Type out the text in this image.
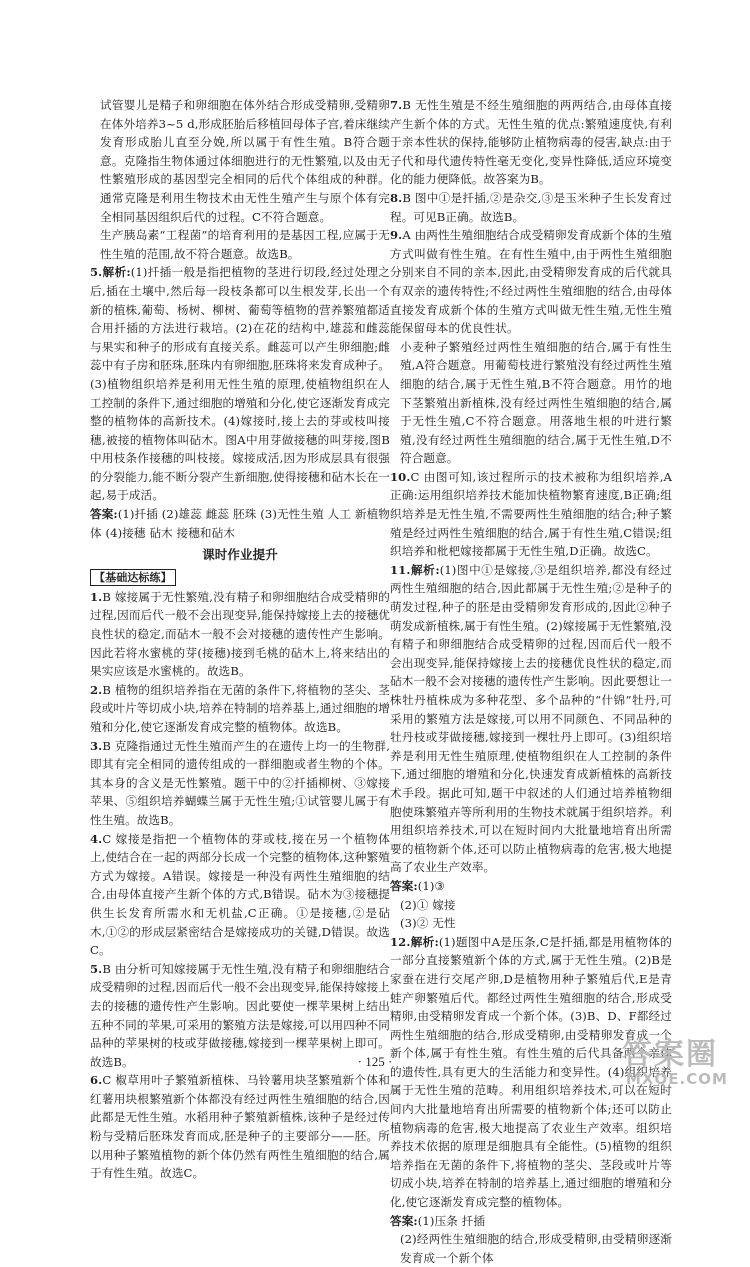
试管婴儿是精子和卵细胞在体外结合形成受精卵,受精卵在体外培养3~5 d,形成胚胎后移植回母体子宫,着床继续发育形成胎儿直至分娩,所以属于有性生殖。B符合题意。克隆指生物体通过体细胞进行的无性繁殖,以及由无性繁殖形成的基因型完全相同的后代个体组成的种群。通常克隆是利用生物技术由无性生殖产生与原个体有完全相同基因组织后代的过程。C不符合题意。

生产胰岛素“工程菌”的培育利用的是基因工程,应属于无性生殖的范围,故不符合题意。故选B。

5.解析:(1)扦插一般是指把植物的茎进行切段,经过处理之后,插在土壤中,然后每一段枝条都可以生根发芽,长出一个新的植株,葡萄、杨树、柳树、葡萄等植物的营养繁殖都适合用扦插的方法进行栽培。(2)在花的结构中,雄蕊和雌蕊与果实和种子的形成有直接关系。雌蕊可以产生卵细胞;雌蕊中有子房和胚珠,胚珠内有卵细胞,胚珠将来发育成种子。(3)植物组织培养是利用无性生殖的原理,使植物组织在人工控制的条件下,通过细胞的增殖和分化,使它逐渐发育成完整的植物体的高新技术。(4)嫁接时,接上去的芽或枝叫接穗,被接的植物体叫砧木。图A中用芽做接穗的叫芽接,图B中用枝条作接穗的叫枝接。嫁接成活,因为形成层具有很强的分裂能力,能不断分裂产生新细胞,使得接穗和砧木长在一起,易于成活。

答案:(1)扦插 (2)雄蕊 雌蕊 胚珠 (3)无性生殖 人工 新植物体 (4)接穗 砧木 接穗和砧木

课时作业提升
【基础达标练】

1.B 嫁接属于无性繁殖,没有精子和卵细胞结合成受精卵的过程,因而后代一般不会出现变异,能保持嫁接上去的接穗优良性状的稳定,而砧木一般不会对接穗的遗传性产生影响。因此若将水蜜桃的芽(接穗)接到毛桃的砧木上,将来结出的果实应该是水蜜桃的。故选B。

2.B 植物的组织培养指在无菌的条件下,将植物的茎尖、茎段或叶片等切成小块,培养在特制的培养基上,通过细胞的增殖和分化,使它逐渐发育成完整的植物体。故选B。

3.B 克隆指通过无性生殖而产生的在遗传上均一的生物群,即其有完全相同的遗传组成的一群细胞或者生物的个体。其本身的含义是无性繁殖。题干中的②扦插柳树、③嫁接苹果、⑤组织培养蝴蝶兰属于无性生殖;①试管婴儿属于有性生殖。故选B。

4.C 嫁接是指把一个植物体的芽或枝,接在另一个植物体上,使结合在一起的两部分长成一个完整的植物体,这种繁殖方式为嫁接。A错误。嫁接是一种没有两性生殖细胞的结合,由母体直接产生新个体的方式,B错误。砧木为③接穗提供生长发育所需水和无机盐,C正确。①是接穗,②是砧木,①②的形成层紧密结合是嫁接成功的关键,D错误。故选C。

5.B 由分析可知嫁接属于无性生殖,没有精子和卵细胞结合成受精卵的过程,因而后代一般不会出现变异,能保持嫁接上去的接穗的遗传性产生影响。因此要使一棵苹果树上结出五种不同的苹果,可采用的繁殖方法是嫁接,可以用四种不同品种的苹果树的枝或芽做接穗,嫁接到一棵苹果树上即可。故选B。

6.C 椒草用叶子繁殖新植株、马铃薯用块茎繁殖新个体和红薯用块根繁殖新个体都没有经过两性生殖细胞的结合,因此都是无性生殖。水稻用种子繁殖新植株,该种子是经过传粉与受精后胚珠发育而成,胚是种子的主要部分——胚。所以用种子繁殖植物的新个体仍然有两性生殖细胞的结合,属于有性生殖。故选C。

7.B 无性生殖是不经生殖细胞的两两结合,由母体直接产生新个体的方式。无性生殖的优点:繁殖速度快,有利于亲本性状的保持,能够防止植物病毒的侵害,缺点:由于子代和母代遗传特性毫无变化,变异性降低,适应环境变化的能力便降低。故答案为B。

8.B 图中①是扦插,②是杂交,③是玉米种子生长发育过程。可见B正确。故选B。

9.A 由两性生殖细胞结合成受精卵发育成新个体的生殖方式叫做有性生殖。在有性生殖中,由于两性生殖细胞分别来自不同的亲本,因此,由受精卵发育成的后代就具有双亲的遗传特性;不经过两性生殖细胞的结合,由母体直接发育成新个体的生殖方式叫做无性生殖,无性生殖能保留母本的优良性状。

小麦种子繁殖经过两性生殖细胞的结合,属于有性生殖,A符合题意。用葡萄枝进行繁殖没有经过两性生殖细胞的结合,属于无性生殖,B不符合题意。用竹的地下茎繁殖出新植株,没有经过两性生殖细胞的结合,属于无性生殖,C不符合题意。用落地生根的叶进行繁殖,没有经过两性生殖细胞的结合,属于无性生殖,D不符合题意。

10.C 由图可知,该过程所示的技术被称为组织培养,A正确:运用组织培养技术能加快植物繁育速度,B正确;组织培养是无性生殖,不需要两性生殖细胞的结合;种子繁殖是经过两性生殖细胞的结合,属于有性生殖,C错误;组织培养和枇杷嫁接都属于无性生殖,D正确。故选C。

11.解析:(1)图中①是嫁接,③是组织培养,都没有经过两性生殖细胞的结合,因此都属于无性生殖;②是种子的萌发过程,种子的胚是由受精卵发育形成的,因此②种子萌发成新植株,属于有性生殖。(2)嫁接属于无性繁殖,没有精子和卵细胞结合成受精卵的过程,因而后代一般不会出现变异,能保持嫁接上去的接穗优良性状的稳定,而砧木一般不会对接穗的遗传性产生影响。因此要想让一株牡丹植株成为多种花型、多个品种的“什锦”牡丹,可采用的繁殖方法是嫁接,可以用不同颜色、不同品种的牡丹枝或芽做接穗,嫁接到一棵牡丹上即可。(3)组织培养是利用无性生殖原理,使植物组织在人工控制的条件下,通过细胞的增殖和分化,快速发育成新植株的高新技术手段。据此可知,题干中叙述的人们通过培养植物细胞使珠繁殖卉等所利用的生物技术就属于组织培养。利用组织培养技术,可以在短时间内大批量地培育出所需要的植物新个体,还可以防止植物病毒的危害,极大地提高了农业生产效率。

答案:(1)③

(2)① 嫁接

(3)② 无性

12.解析:(1)题图中A是压条,C是扦插,都是用植物体的一部分直接繁殖新个体的方式,属于无性生殖。(2)B是家蚕在进行交尾产卵,D是植物用种子繁殖后代,E是青蛙产卵繁殖后代。都经过两性生殖细胞的结合,形成受精卵,由受精卵发育成一个新个体。(3)B、D、F都经过两性生殖细胞的结合,形成受精卵,由受精卵发育成一个新个体,属于有性生殖。有性生殖的后代具备两个亲体的遗传性,具有更大的生活能力和变异性。(4)组织培养属于无性生殖的范畴。利用组织培养技术,可以在短时间内大批量地培育出所需要的植物新个体;还可以防止植物病毒的危害,极大地提高了农业生产效率。组织培养技术依据的原理是细胞具有全能性。(5)植物的组织培养指在无菌的条件下,将植物的茎尖、茎段或叶片等切成小块,培养在特制的培养基上,通过细胞的增殖和分化,使它逐渐发育成完整的植物体。

答案:(1)压条 扦插

(2)经两性生殖细胞的结合,形成受精卵,由受精卵逐渐发育成一个新个体

· 125 ·	答案圈
MXQE.COM
